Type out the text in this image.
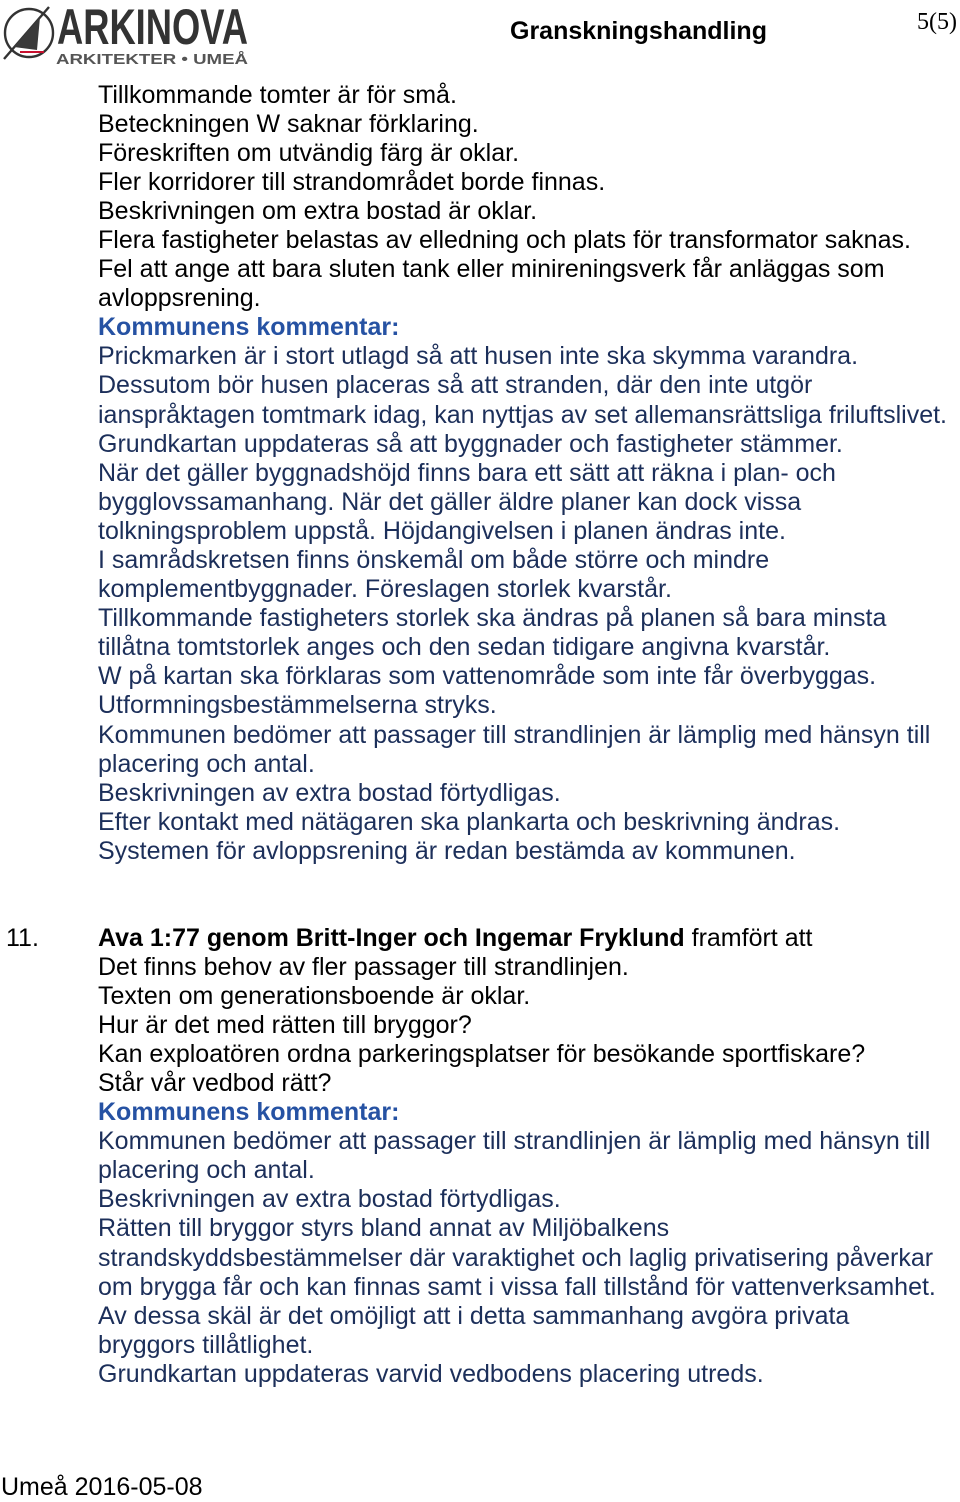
ARKINOVA
ARKITEKTER • UMEÅ
Granskningshandling	5(5)
Tillkommande tomter är för små.
Beteckningen W saknar förklaring.
Föreskriften om utvändig färg är oklar.
Fler korridorer till strandområdet borde finnas.
Beskrivningen om extra bostad är oklar.
Flera fastigheter belastas av elledning och plats för transformator saknas.
Fel att ange att bara sluten tank eller minireningsverk får anläggas som
avloppsrening.
Kommunens kommentar:
Prickmarken är i stort utlagd så att husen inte ska skymma varandra.
Dessutom bör husen placeras så att stranden, där den inte utgör
ianspråktagen tomtmark idag, kan nyttjas av set allemansrättsliga friluftslivet.
Grundkartan uppdateras så att byggnader och fastigheter stämmer.
När det gäller byggnadshöjd finns bara ett sätt att räkna i plan- och
bygglovssamanhang. När det gäller äldre planer kan dock vissa
tolkningsproblem uppstå. Höjdangivelsen i planen ändras inte.
I samrådskretsen finns önskemål om både större och mindre
komplementbyggnader. Föreslagen storlek kvarstår.
Tillkommande fastigheters storlek ska ändras på planen så bara minsta
tillåtna tomtstorlek anges och den sedan tidigare angivna kvarstår.
W på kartan ska förklaras som vattenområde som inte får överbyggas.
Utformningsbestämmelserna stryks.
Kommunen bedömer att passager till strandlinjen är lämplig med hänsyn till
placering och antal.
Beskrivningen av extra bostad förtydligas.
Efter kontakt med nätägaren ska plankarta och beskrivning ändras.
Systemen för avloppsrening är redan bestämda av kommunen.
11. Ava 1:77 genom Britt-Inger och Ingemar Fryklund framfört att
Det finns behov av fler passager till strandlinjen.
Texten om generationsboende är oklar.
Hur är det med rätten till bryggor?
Kan exploatören ordna parkeringsplatser för besökande sportfiskare?
Står vår vedbod rätt?
Kommunens kommentar:
Kommunen bedömer att passager till strandlinjen är lämplig med hänsyn till
placering och antal.
Beskrivningen av extra bostad förtydligas.
Rätten till bryggor styrs bland annat av Miljöbalkens
strandskyddsbestämmelser där varaktighet och laglig privatisering påverkar
om brygga får och kan finnas samt i vissa fall tillstånd för vattenverksamhet.
Av dessa skäl är det omöjligt att i detta sammanhang avgöra privata
bryggors tillåtlighet.
Grundkartan uppdateras varvid vedbodens placering utreds.
Umeå 2016-05-08
